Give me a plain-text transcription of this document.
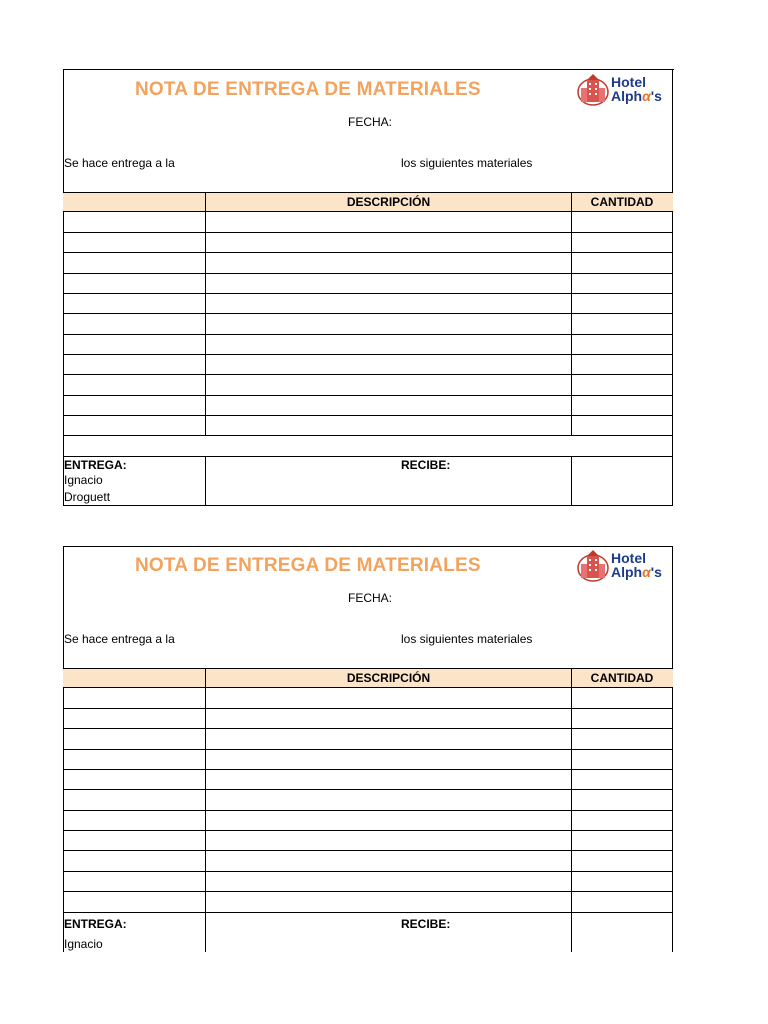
NOTA DE ENTREGA DE MATERIALES	Hotel
Alphα's
FECHA:
Se hace entrega a la	los siguientes materiales
DESCRIPCIÓN	CANTIDAD
ENTREGA:	RECIBE:
Ignacio
Droguett
NOTA DE ENTREGA DE MATERIALES	Hotel
Alphα's
FECHA:
Se hace entrega a la	los siguientes materiales
DESCRIPCIÓN	CANTIDAD
ENTREGA:	RECIBE:
Ignacio
